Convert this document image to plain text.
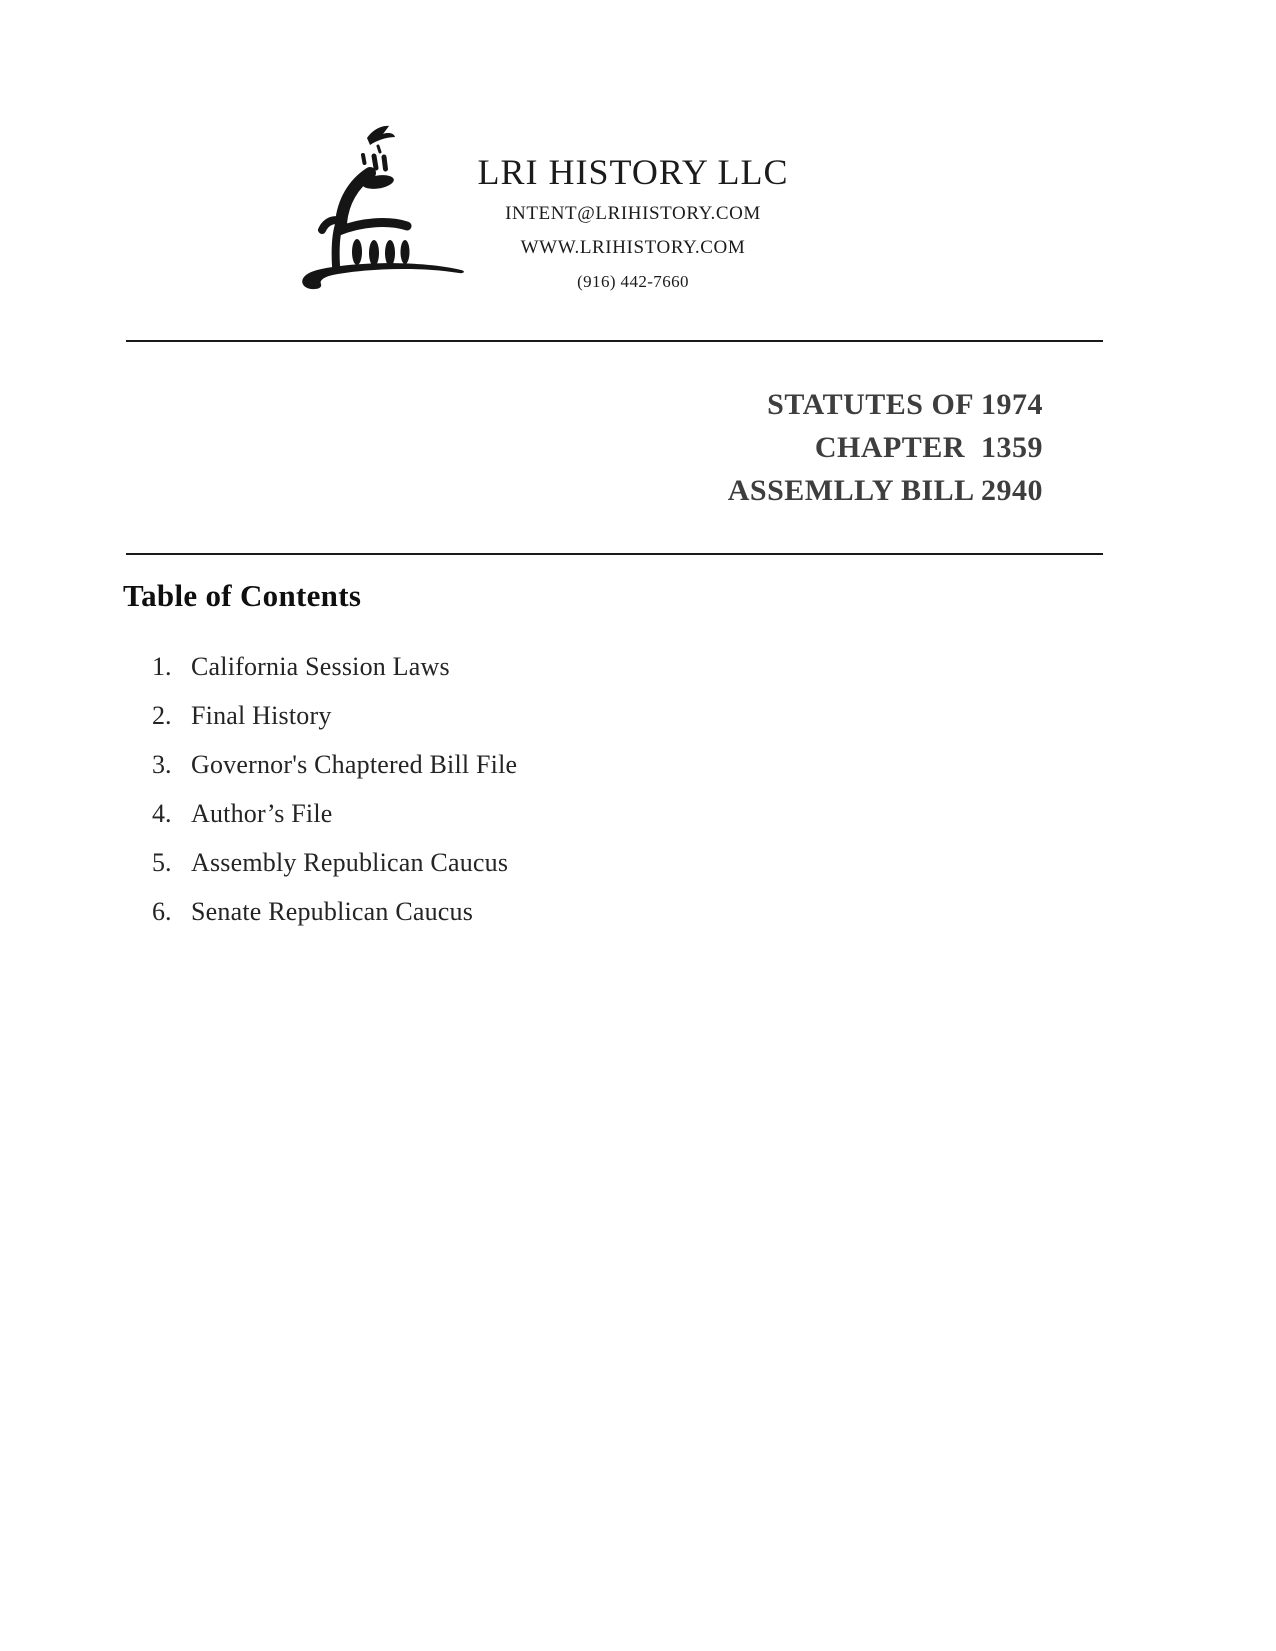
LRI HISTORY LLC
INTENT@LRIHISTORY.COM
WWW.LRIHISTORY.COM
(916) 442-7660
STATUTES OF 1974
CHAPTER  1359
ASSEMLLY BILL 2940
Table of Contents
1. California Session Laws
2. Final History
3. Governor's Chaptered Bill File
4. Author’s File
5. Assembly Republican Caucus
6. Senate Republican Caucus
